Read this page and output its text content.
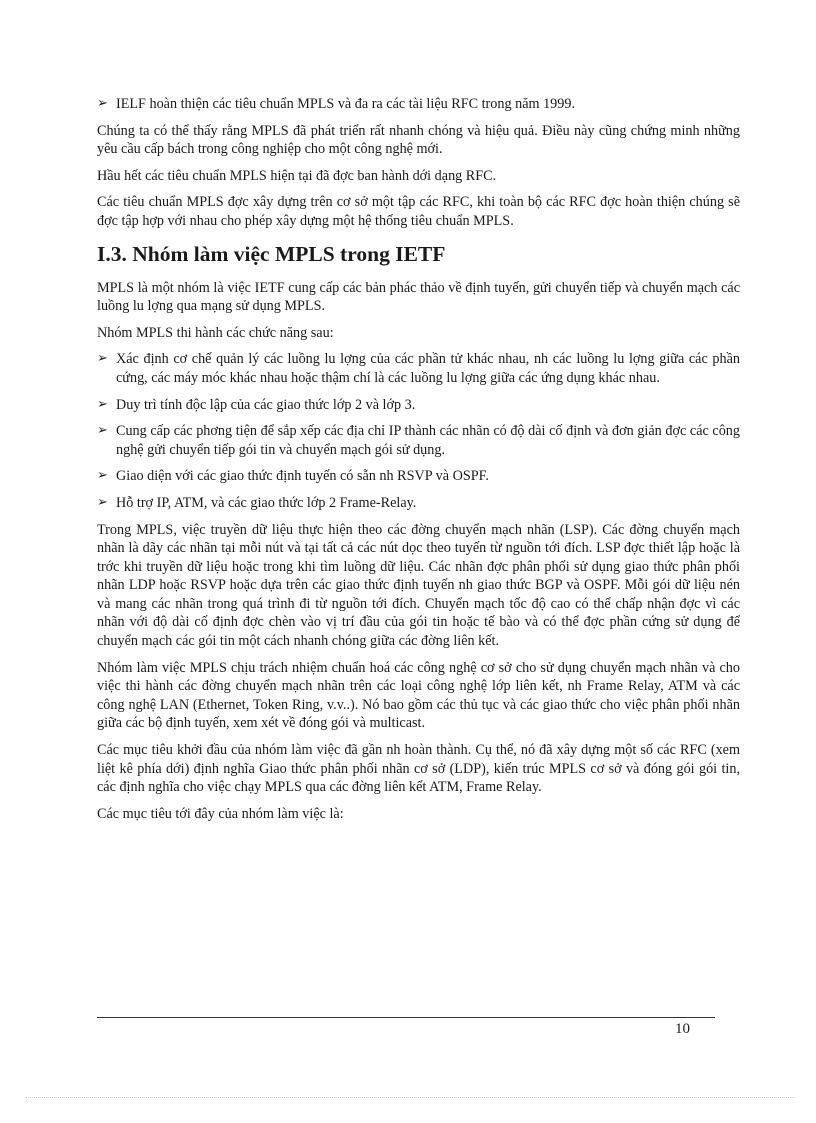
➢ IELF hoàn thiện các tiêu chuẩn MPLS và đa ra các tài liệu RFC trong năm 1999.

Chúng ta có thể thấy rằng MPLS đã phát triển rất nhanh chóng và hiệu quả. Điều này cũng chứng minh những yêu cầu cấp bách trong công nghiệp cho một công nghệ mới.

Hầu hết các tiêu chuẩn MPLS hiện tại đã đợc ban hành dới dạng RFC.

Các tiêu chuẩn MPLS đợc xây dựng trên cơ sở một tập các RFC, khi toàn bộ các RFC đợc hoàn thiện chúng sẽ đợc tập hợp với nhau cho phép xây dựng một hệ thống tiêu chuẩn MPLS.

I.3. Nhóm làm việc MPLS trong IETF

MPLS là một nhóm là việc IETF cung cấp các bản phác thảo về định tuyến, gửi chuyển tiếp và chuyển mạch các luồng lu lợng qua mạng sử dụng MPLS.

Nhóm MPLS thi hành các chức năng sau:

➢ Xác định cơ chế quản lý các luồng lu lợng của các phần tử khác nhau, nh các luồng lu lợng giữa các phần cứng, các máy móc khác nhau hoặc thậm chí là các luồng lu lợng giữa các ứng dụng khác nhau.

➢ Duy trì tính độc lập của các giao thức lớp 2 và lớp 3.

➢ Cung cấp các phơng tiện để sắp xếp các địa chỉ IP thành các nhãn có độ dài cố định và đơn giản đợc các công nghệ gửi chuyển tiếp gói tin và chuyển mạch gói sử dụng.

➢ Giao diện với các giao thức định tuyến có sẵn nh RSVP và OSPF.

➢ Hỗ trợ IP, ATM, và các giao thức lớp 2 Frame-Relay.

Trong MPLS, việc truyền dữ liệu thực hiện theo các đờng chuyển mạch nhãn (LSP). Các đờng chuyển mạch nhãn là dãy các nhãn tại mỗi nút và tại tất cả các nút dọc theo tuyến từ nguồn tới đích. LSP đợc thiết lập hoặc là trớc khi truyền dữ liệu hoặc trong khi tìm luồng dữ liệu. Các nhãn đợc phân phối sử dụng giao thức phân phối nhãn LDP hoặc RSVP hoặc dựa trên các giao thức định tuyến nh giao thức BGP và OSPF. Mỗi gói dữ liệu nén và mang các nhãn trong quá trình đi từ nguồn tới đích. Chuyển mạch tốc độ cao có thể chấp nhận đợc vì các nhãn với độ dài cố định đợc chèn vào vị trí đầu của gói tin hoặc tế bào và có thể đợc phần cứng sử dụng để chuyển mạch các gói tin một cách nhanh chóng giữa các đờng liên kết.

Nhóm làm việc MPLS chịu trách nhiệm chuẩn hoá các công nghệ cơ sở cho sử dụng chuyển mạch nhãn và cho việc thi hành các đờng chuyển mạch nhãn trên các loại công nghệ lớp liên kết, nh Frame Relay, ATM và các công nghệ LAN (Ethernet, Token Ring, v.v..). Nó bao gồm các thủ tục và các giao thức cho việc phân phối nhãn giữa các bộ định tuyến, xem xét về đóng gói và multicast.

Các mục tiêu khởi đầu của nhóm làm việc đã gần nh hoàn thành. Cụ thể, nó đã xây dựng một số các RFC (xem liệt kê phía dới) định nghĩa Giao thức phân phối nhãn cơ sở (LDP), kiến trúc MPLS cơ sở và đóng gói gói tin, các định nghĩa cho việc chạy MPLS qua các đờng liên kết ATM, Frame Relay.

Các mục tiêu tới đây của nhóm làm việc là:

10
